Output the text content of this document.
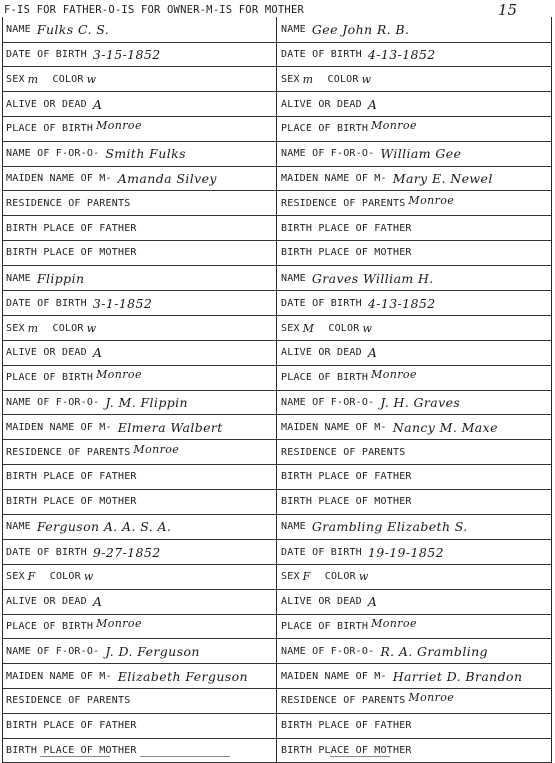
F-IS FOR FATHER-O-IS FOR OWNER-M-IS FOR MOTHER	15
NAME Fulks C. S.	NAME Gee John R. B.
DATE OF BIRTH 3-15-1852	DATE OF BIRTH 4-13-1852
SEX m COLOR w	SEX m COLOR w
ALIVE OR DEAD A	ALIVE OR DEAD A
PLACE OF BIRTH Monroe	PLACE OF BIRTH Monroe
NAME OF F-OR-O- Smith Fulks	NAME OF F-OR-O- William Gee
MAIDEN NAME OF M- Amanda Silvey	MAIDEN NAME OF M- Mary E. Newel
RESIDENCE OF PARENTS	RESIDENCE OF PARENTS Monroe
BIRTH PLACE OF FATHER	BIRTH PLACE OF FATHER
BIRTH PLACE OF MOTHER	BIRTH PLACE OF MOTHER
NAME Flippin	NAME Graves William H.
DATE OF BIRTH 3-1-1852	DATE OF BIRTH 4-13-1852
SEX m COLOR w	SEX M COLOR w
ALIVE OR DEAD A	ALIVE OR DEAD A
PLACE OF BIRTH Monroe	PLACE OF BIRTH Monroe
NAME OF F-OR-O- J. M. Flippin	NAME OF F-OR-O- J. H. Graves
MAIDEN NAME OF M- Elmera Walbert	MAIDEN NAME OF M- Nancy M. Maxe
RESIDENCE OF PARENTS Monroe	RESIDENCE OF PARENTS
BIRTH PLACE OF FATHER	BIRTH PLACE OF FATHER
BIRTH PLACE OF MOTHER	BIRTH PLACE OF MOTHER
NAME Ferguson A. A. S. A.	NAME Grambling Elizabeth S.
DATE OF BIRTH 9-27-1852	DATE OF BIRTH 19-19-1852
SEX F COLOR w	SEX F COLOR w
ALIVE OR DEAD A	ALIVE OR DEAD A
PLACE OF BIRTH Monroe	PLACE OF BIRTH Monroe
NAME OF F-OR-O- J. D. Ferguson	NAME OF F-OR-O- R. A. Grambling
MAIDEN NAME OF M- Elizabeth Ferguson	MAIDEN NAME OF M- Harriet D. Brandon
RESIDENCE OF PARENTS	RESIDENCE OF PARENTS Monroe
BIRTH PLACE OF FATHER	BIRTH PLACE OF FATHER
BIRTH PLACE OF MOTHER	BIRTH PLACE OF MOTHER
